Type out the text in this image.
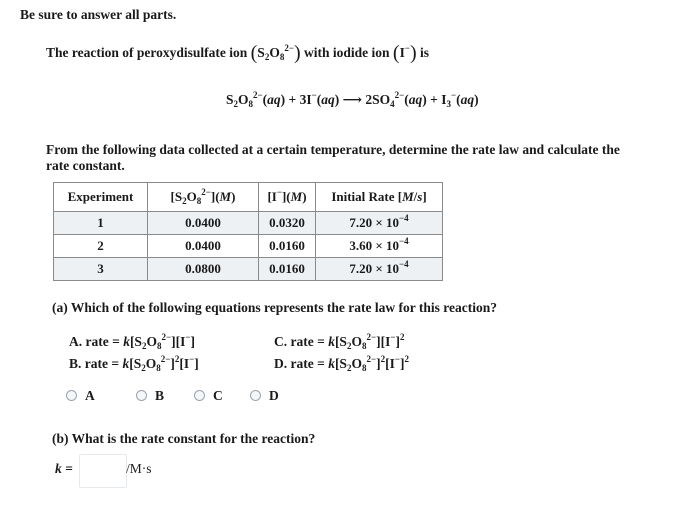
Be sure to answer all parts.
The reaction of peroxydisulfate ion $(S_2O_8^{2-})$ with iodide ion (I−) is
$S_2O_8^{2-}(aq) + 3I^-(aq)$ ⟶ $2SO_4^{2-}(aq) + I_3^-(aq)$
From the following data collected at a certain temperature, determine the rate law and calculate the
rate constant.
Experiment	$[S_2O_8^{2-}](M)$	[I−](M)	Initial Rate [M/s]
1	0.0400	0.0320	$7.20 \times 10^{-4}$
2	0.0400	0.0160	$3.60 \times 10^{-4}$
3	0.0800	0.0160	$7.20 \times 10^{-4}$
(a) Which of the following equations represents the rate law for this reaction?
A. rate = $k[S_2O_8^{2-}][I^-]$
B. rate = $k[S_2O_8^{2-}]^2[I^-]$
C. rate = $k[S_2O_8^{2-}][I^-]^2$
D. rate = $k[S_2O_8^{2-}]^2[I^-]^2$
A	B	C	D
(b) What is the rate constant for the reaction?
k =	/M·s
